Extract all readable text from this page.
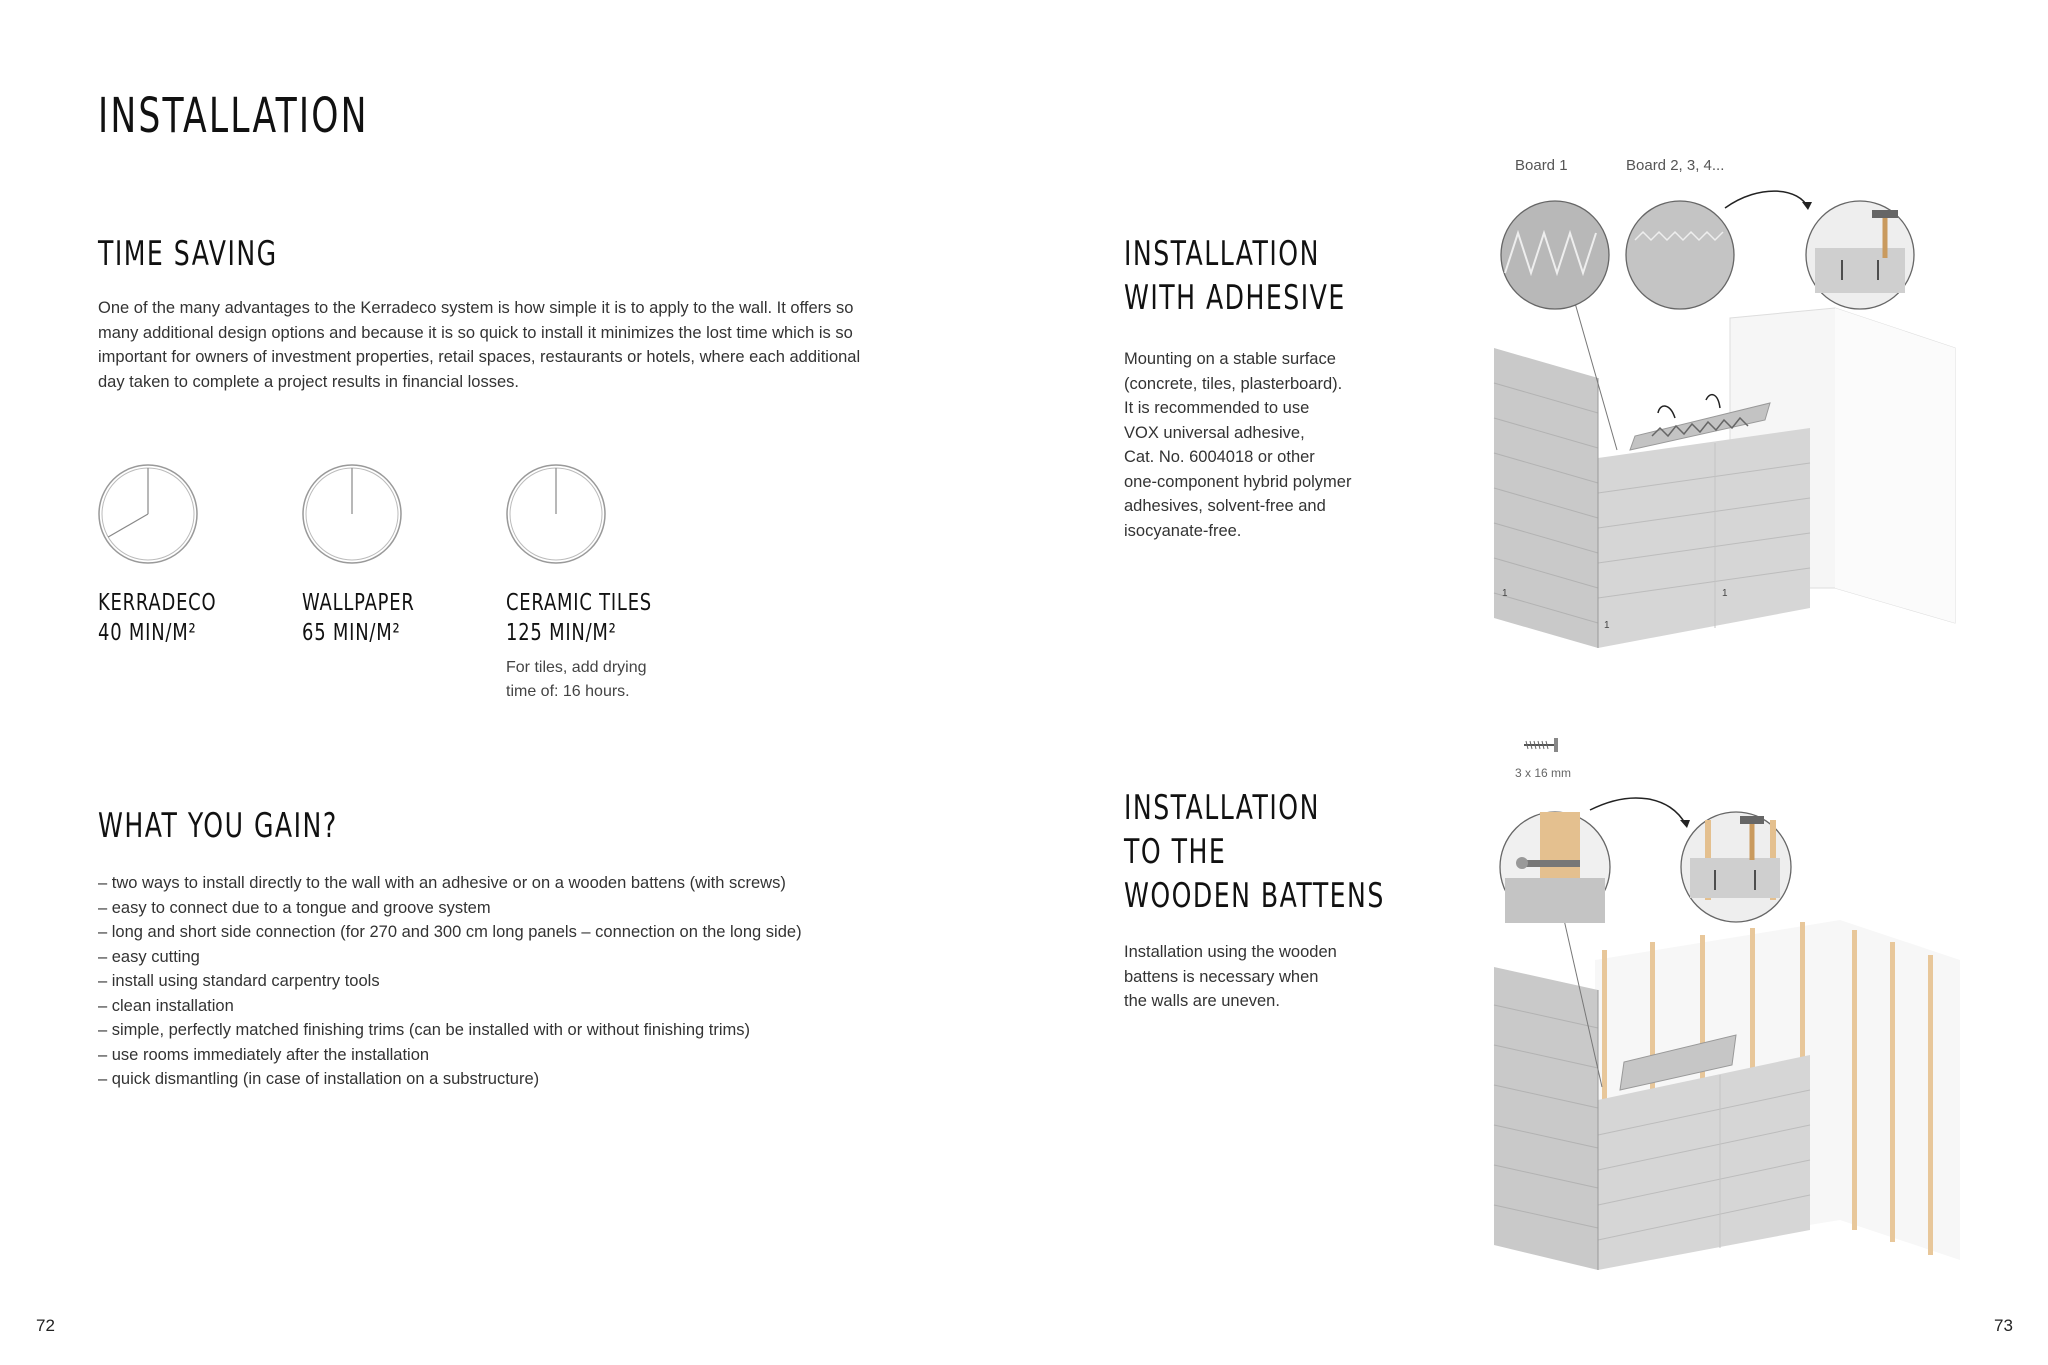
INSTALLATION
TIME SAVING
One of the many advantages to the Kerradeco system is how simple it is to apply to the wall. It offers so
many additional design options and because it is so quick to install it minimizes the lost time which is so
important for owners of investment properties, retail spaces, restaurants or hotels, where each additional
day taken to complete a project results in financial losses.
KERRADECO
40 MIN/M²
WALLPAPER
65 MIN/M²
CERAMIC TILES
125 MIN/M²
For tiles, add drying
time of: 16 hours.
WHAT YOU GAIN?

– two ways to install directly to the wall with an adhesive or on a wooden battens (with screws)

– easy to connect due to a tongue and groove system

– long and short side connection (for 270 and 300 cm long panels – connection on the long side)

– easy cutting

– install using standard carpentry tools

– clean installation

– simple, perfectly matched finishing trims (can be installed with or without finishing trims)

– use rooms immediately after the installation

– quick dismantling (in case of installation on a substructure)

72
INSTALLATION
WITH ADHESIVE
Mounting on a stable surface
(concrete, tiles, plasterboard).
It is recommended to use
VOX universal adhesive,
Cat. No. 6004018 or other
one-component hybrid polymer
adhesives, solvent-free and
isocyanate-free.
INSTALLATION
TO THE
WOODEN BATTENS
Installation using the wooden
battens is necessary when
the walls are uneven.
Board 1	Board 2, 3, 4...
1
1
1
3 x 16 mm
73
